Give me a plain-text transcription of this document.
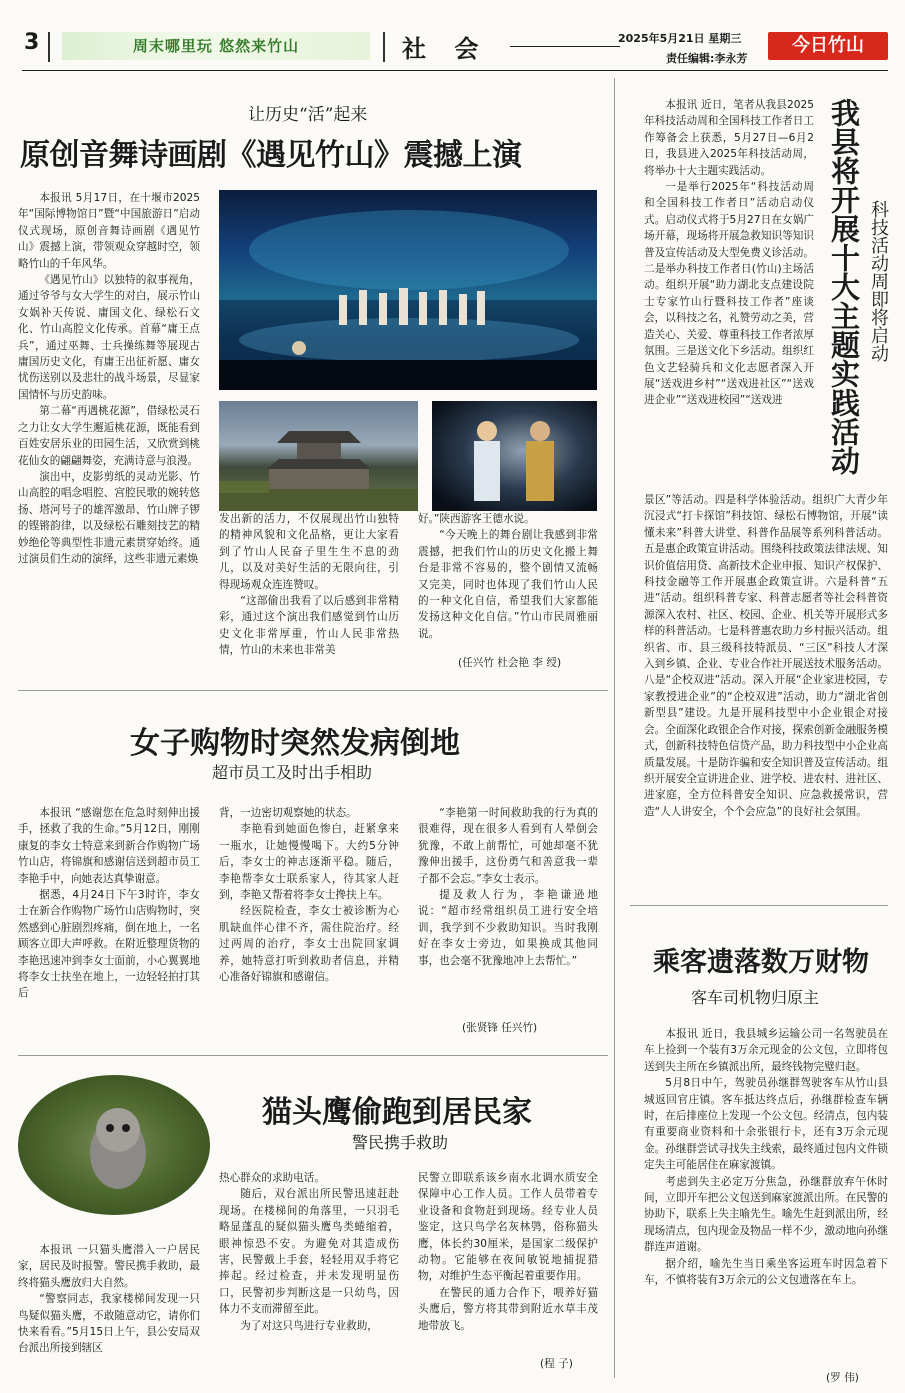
3	周末哪里玩 悠然来竹山	社 会	2025年5月21日 星期三
责任编辑:李永芳
今日竹山
让历史“活”起来
原创音舞诗画剧《遇见竹山》震撼上演

本报讯 5月17日，在十堰市2025年“国际博物馆日”暨“中国旅游日”启动仪式现场，原创音舞诗画剧《遇见竹山》震撼上演，带领观众穿越时空，领略竹山的千年风华。

《遇见竹山》以独特的叙事视角，通过爷爷与女大学生的对白，展示竹山女娲补天传说、庸国文化、绿松石文化、竹山高腔文化传承。首幕“庸王点兵”，通过巫舞、士兵操练舞等展现古庸国历史文化，有庸王出征祈愿、庸女忧伤送别以及悲壮的战斗场景，尽显家国情怀与历史韵味。

第二幕“再遇桃花源”，借绿松灵石之力让女大学生邂逅桃花源，既能看到百姓安居乐业的田园生活，又欣赏到桃花仙女的翩翩舞姿，充满诗意与浪漫。

演出中，皮影剪纸的灵动光影、竹山高腔的唱念唱腔、宫腔民歌的婉转悠扬、塔河号子的雄浑激昂、竹山牌子锣的铿锵韵律，以及绿松石雕刻技艺的精妙绝伦等典型性非遗元素贯穿始终。通过演员们生动的演绎，这些非遗元素焕

发出新的活力，不仅展现出竹山独特的精神风貌和文化品格，更让大家看到了竹山人民奋子里生生不息的劲儿，以及对美好生活的无限向往，引得现场观众连连赞叹。

“这部偷出我看了以后感到非常精彩，通过这个演出我们感觉到竹山历史文化非常厚重，竹山人民非常热情，竹山的未来也非常美

好。”陕西游客王德水说。

“今天晚上的舞台剧让我感到非常震撼，把我们竹山的历史文化搬上舞台是非常不容易的，整个剧情又流畅又完美，同时也体现了我们竹山人民的一种文化自信，希望我们大家都能发扬这种文化自信。”竹山市民周雅丽说。

(任兴竹 杜会艳 李 绶)
女子购物时突然发病倒地
超市员工及时出手相助

本报讯 “感谢您在危急时刻伸出援手，拯救了我的生命。”5月12日，刚刚康复的李女士特意来到新合作购物广场竹山店，将锦旗和感谢信送到超市员工李艳手中，向她表达真挚谢意。

据悉，4月24日下午3时许，李女士在新合作购物广场竹山店购物时，突然感到心脏剧烈疼痛，倒在地上，一名顾客立即大声呼救。在附近整理货物的李艳迅速冲到李女士面前，小心翼翼地将李女士扶坐在地上，一边轻轻拍打其后

背，一边密切观察她的状态。

李艳看到她面色惨白，赶紧拿来一瓶水，让她慢慢喝下。大约5分钟后，李女士的神志逐渐平稳。随后，李艳帮李女士联系家人，待其家人赶到，李艳又帮着将李女士搀扶上车。

经医院检查，李女士被诊断为心肌缺血伴心律不齐，需住院治疗。经过两周的治疗，李女士出院回家调养，她特意打听到救助者信息，并精心准备好锦旗和感谢信。

“李艳第一时间救助我的行为真的很难得，现在很多人看到有人晕倒会犹豫，不敢上前帮忙，可她却毫不犹豫伸出援手，这份勇气和善意我一辈子都不会忘。”李女士表示。

提及救人行为，李艳谦逊地说：“超市经常组织员工进行安全培训，我学到不少救助知识。当时我刚好在李女士旁边，如果换成其他同事，也会毫不犹豫地冲上去帮忙。”

(张贤锋 任兴竹)
猫头鹰偷跑到居民家
警民携手救助

本报讯 一只猫头鹰潜入一户居民家，居民及时报警。警民携手救助，最终将猫头鹰放归大自然。

“警察同志，我家楼梯间发现一只鸟疑似猫头鹰，不敢随意动它，请你们快来看看。”5月15日上午，县公安局双台派出所接到辖区

热心群众的求助电话。

随后，双台派出所民警迅速赶赴现场。在楼梯间的角落里，一只羽毛略显蓬乱的疑似猫头鹰鸟类蜷缩着，眼神惊恐不安。为避免对其造成伤害，民警戴上手套，轻轻用双手将它捧起。经过检查，并未发现明显伤口，民警初步判断这是一只幼鸟，因体力不支而滞留至此。

为了对这只鸟进行专业救助，

民警立即联系该乡南水北调水质安全保障中心工作人员。工作人员带着专业设备和食物赶到现场。经专业人员鉴定，这只鸟学名灰林鸮，俗称猫头鹰，体长约30厘米，是国家二级保护动物。它能够在夜间敏锐地捕捉猎物，对维护生态平衡起着重要作用。

在警民的通力合作下，喂养好猫头鹰后，警方将其带到附近水草丰茂地带放飞。

(程 子)
我县将开展十大主题实践活动 科技活动周即将启动

本报讯 近日，笔者从我县2025年科技活动周和全国科技工作者日工作筹备会上获悉，5月27日—6月2日，我县进入2025年科技活动周，将举办十大主题实践活动。

一是举行2025年“科技活动周和全国科技工作者日”活动启动仪式。启动仪式将于5月27日在女娲广场开幕，现场将开展急救知识等知识普及宣传活动及大型免费义诊活动。二是举办科技工作者日(竹山)主场活动。组织开展“助力湖北支点建设院士专家竹山行暨科技工作者”座谈会，以科技之名，礼赞劳动之美，营造关心、关爱、尊重科技工作者浓厚氛围。三是送文化下乡活动。组织红色文艺轻骑兵和文化志愿者深入开展“送戏进乡村”“送戏进社区”“送戏进企业”“送戏进校园”“送戏进

景区”等活动。四是科学体验活动。组织广大青少年沉浸式“打卡探馆”科技馆、绿松石博物馆，开展“读懂未来”科普大讲堂、科普作品展等系列科普活动。五是惠企政策宣讲活动。围绕科技政策法律法规、知识价值信用贷、高新技术企业申报、知识产权保护、科技金融等工作开展惠企政策宣讲。六是科普“五进”活动。组织科普专家、科普志愿者等社会科普资源深入农村、社区、校园、企业、机关等开展形式多样的科普活动。七是科普惠农助力乡村振兴活动。组织省、市、县三级科技特派员、“三区”科技人才深入到乡镇、企业、专业合作社开展送技术服务活动。八是“企校双进”活动。深入开展“企业家进校园，专家教授进企业”的“企校双进”活动，助力“湖北省创新型县”建设。九是开展科技型中小企业银企对接会。全面深化政银企合作对接，探索创新金融服务模式，创新科技特色信贷产品，助力科技型中小企业高质量发展。十是防诈骗和安全知识普及宣传活动。组织开展安全宣讲进企业、进学校、进农村、进社区、进家庭，全方位科普安全知识、应急救援常识，营造“人人讲安全，个个会应急”的良好社会氛围。

乘客遗落数万财物
客车司机物归原主

本报讯 近日，我县城乡运输公司一名驾驶员在车上捡到一个装有3万余元现金的公文包，立即将包送到失主所在乡镇派出所，最终钱物完璧归赵。

5月8日中午，驾驶员孙继群驾驶客车从竹山县城返回官庄镇。客车抵达终点后，孙继群检查车辆时，在后排座位上发现一个公文包。经清点，包内装有重要商业资料和十余张银行卡，还有3万余元现金。孙继群尝试寻找失主线索，最终通过包内文件锁定失主可能居住在麻家渡镇。

考虑到失主必定万分焦急，孙继群放弃午休时间，立即开车把公文包送到麻家渡派出所。在民警的协助下，联系上失主喻先生。喻先生赶到派出所，经现场清点，包内现金及物品一样不少，激动地向孙继群连声道谢。

据介绍，喻先生当日乘坐客运班车时因急着下车，不慎将装有3万余元的公文包遗落在车上。

(罗 伟)
